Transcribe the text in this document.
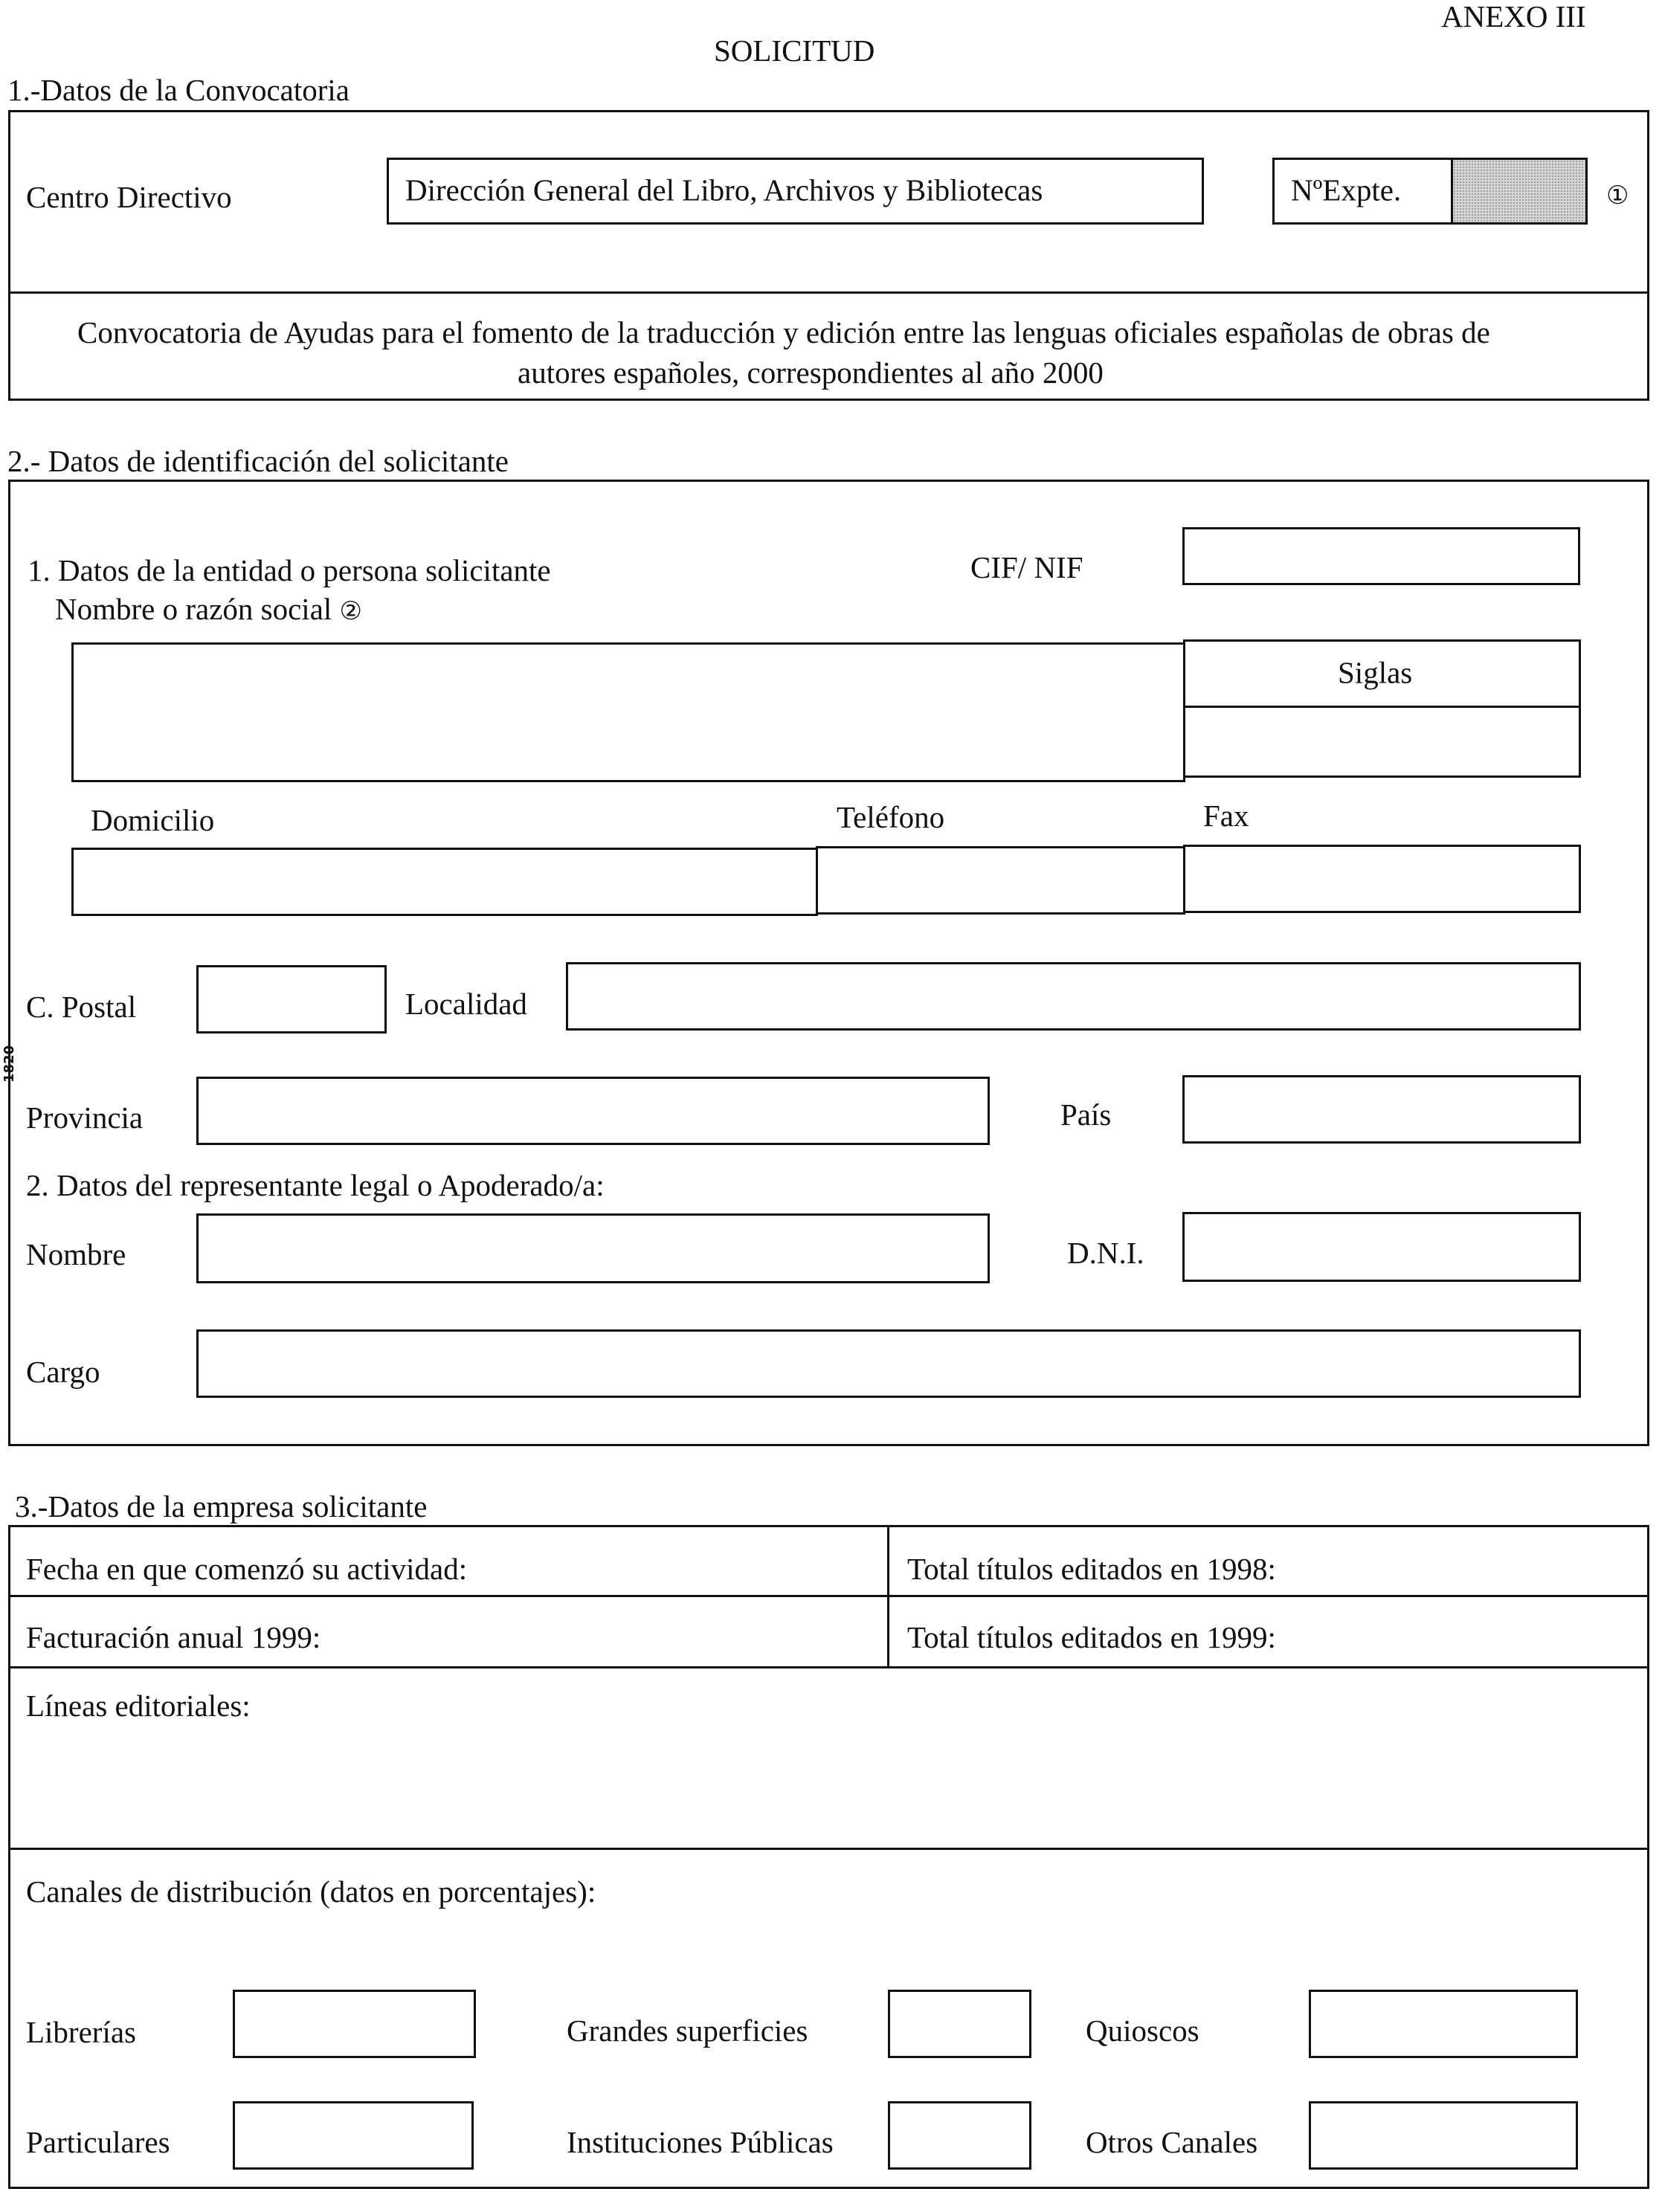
ANEXO III
SOLICITUD
1.-Datos de la Convocatoria
Centro Directivo	Dirección General del Libro, Archivos y Bibliotecas	NºExpte.	①
Convocatoria de Ayudas para el fomento de la traducción y edición entre las lenguas oficiales españolas de obras de
autores españoles, correspondientes al año 2000
2.- Datos de identificación del solicitante
1. Datos de la entidad o persona solicitante
Nombre o razón social ②
CIF/ NIF
Siglas
Domicilio	Teléfono	Fax
C. Postal	Localidad
Provincia	País
2. Datos del representante legal o Apoderado/a:
Nombre	D.N.I.
Cargo
1820
3.-Datos de la empresa solicitante
Fecha en que comenzó su actividad:	Total títulos editados en 1998:
Facturación anual 1999:	Total títulos editados en 1999:
Líneas editoriales:
Canales de distribución (datos en porcentajes):
Librerías	Grandes superficies	Quioscos
Particulares	Instituciones Públicas	Otros Canales
